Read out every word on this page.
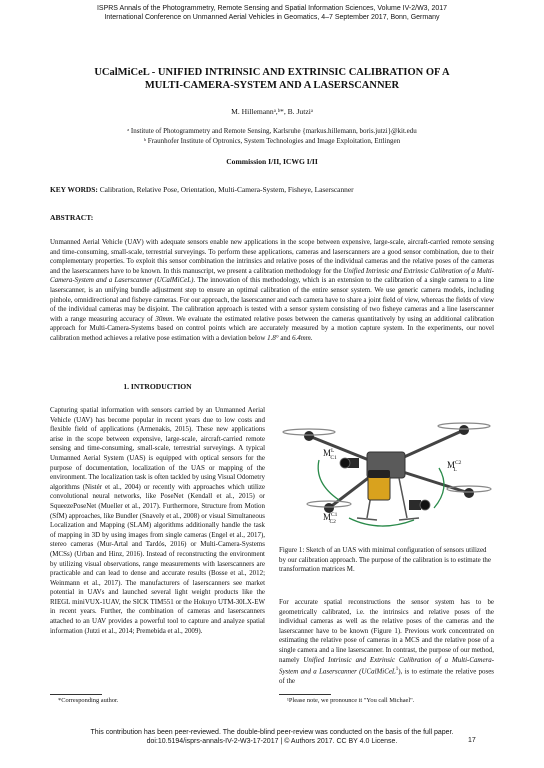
ISPRS Annals of the Photogrammetry, Remote Sensing and Spatial Information Sciences, Volume IV-2/W3, 2017
International Conference on Unmanned Aerial Vehicles in Geomatics, 4–7 September 2017, Bonn, Germany
UCalMiCeL - UNIFIED INTRINSIC AND EXTRINSIC CALIBRATION OF A
MULTI-CAMERA-SYSTEM AND A LASERSCANNER
M. Hillemannᵃ,ᵇ*, B. Jutziᵃ
ᵃ Institute of Photogrammetry and Remote Sensing, Karlsruhe {markus.hillemann, boris.jutzi}@kit.edu
ᵇ Fraunhofer Institute of Optronics, System Technologies and Image Exploitation, Ettlingen
Commission I/II, ICWG I/II
KEY WORDS: Calibration, Relative Pose, Orientation, Multi-Camera-System, Fisheye, Laserscanner
ABSTRACT:
Unmanned Aerial Vehicle (UAV) with adequate sensors enable new applications in the scope between expensive, large-scale, aircraft-carried remote sensing and time-consuming, small-scale, terrestrial surveyings. To perform these applications, cameras and laserscanners are a good sensor combination, due to their complementary properties. To exploit this sensor combination the intrinsics and relative poses of the individual cameras and the relative poses of the cameras and the laserscanners have to be known. In this manuscript, we present a calibration methodology for the Unified Intrinsic and Extrinsic Calibration of a Multi-Camera-System and a Laserscanner (UCalMiCeL). The innovation of this methodology, which is an extension to the calibration of a single camera to a line laserscanner, is an unifying bundle adjustment step to ensure an optimal calibration of the entire sensor system. We use generic camera models, including pinhole, omnidirectional and fisheye cameras. For our approach, the laserscanner and each camera have to share a joint field of view, whereas the fields of view of the individual cameras may be disjoint. The calibration approach is tested with a sensor system consisting of two fisheye cameras and a line laserscanner with a range measuring accuracy of 30mm. We evaluate the estimated relative poses between the cameras quantitatively by using an additional calibration approach for Multi-Camera-Systems based on control points which are accurately measured by a motion capture system. In the experiments, our novel calibration method achieves a relative pose estimation with a deviation below 1.8° and 6.4mm.
1. INTRODUCTION

Capturing spatial information with sensors carried by an Unmanned Aerial Vehicle (UAV) has become popular in recent years due to low costs and flexible field of applications (Armenakis, 2015). These new applications arise in the scope between expensive, large-scale, aircraft-carried remote sensing and time-consuming, small-scale, terrestrial surveyings. A typical Unmanned Aerial System (UAS) is equipped with optical sensors for the purpose of documentation, localization of the UAS or mapping of the environment. The localization task is often tackled by using Visual Odometry algorithms (Nistér et al., 2004) or recently with approaches which utilize convolutional neural networks, like PoseNet (Kendall et al., 2015) or SqueezePoseNet (Mueller et al., 2017). Furthermore, Structure from Motion (SfM) approaches, like Bundler (Snavely et al., 2008) or visual Simultaneous Localization and Mapping (SLAM) algorithms additionally handle the task of mapping in 3D by using images from single cameras (Engel et al., 2017), stereo cameras (Mur-Artal and Tardós, 2016) or Multi-Camera-Systems (MCSs) (Urban and Hinz, 2016). Instead of reconstructing the environment by utilizing visual observations, range measurements with laserscanners are practicable and can lead to dense and accurate results (Bosse et al., 2012; Weinmann et al., 2017). The manufacturers of laserscanners see market potential in UAVs and launched several light weight products like the RIEGL miniVUX-1UAV, the SICK TIM551 or the Hokuyo UTM-30LX-EW in recent years. Further, the combination of cameras and laserscanners attached to an UAV provides a powerful tool to capture and analyze spatial information (Jutzi et al., 2014; Premebida et al., 2009).

$M^L$ C1
$M^{C2}$ L
$M^{C1}$ C2
Figure 1: Sketch of an UAS with minimal configuration of sensors utilized by our calibration approach. The purpose of the calibration is to estimate the transformation matrices M.
For accurate spatial reconstructions the sensor system has to be geometrically calibrated, i.e. the intrinsics and relative poses of the individual cameras as well as the relative poses of the cameras and the laserscanner have to be known (Figure 1). Previous work concentrated on estimating the relative pose of cameras in a MCS and the relative pose of a single camera and a line laserscanner. In contrast, the purpose of our method, namely Unified Intrinsic and Extrinsic Calibration of a Multi-Camera-System and a Laserscanner (UCalMiCeL$^1$), is to estimate the relative poses of the
*Corresponding author.	¹Please note, we pronounce it "You call Michael".
This contribution has been peer-reviewed. The double-blind peer-review was conducted on the basis of the full paper.
doi:10.5194/isprs-annals-IV-2-W3-17-2017 | © Authors 2017. CC BY 4.0 License.	17
